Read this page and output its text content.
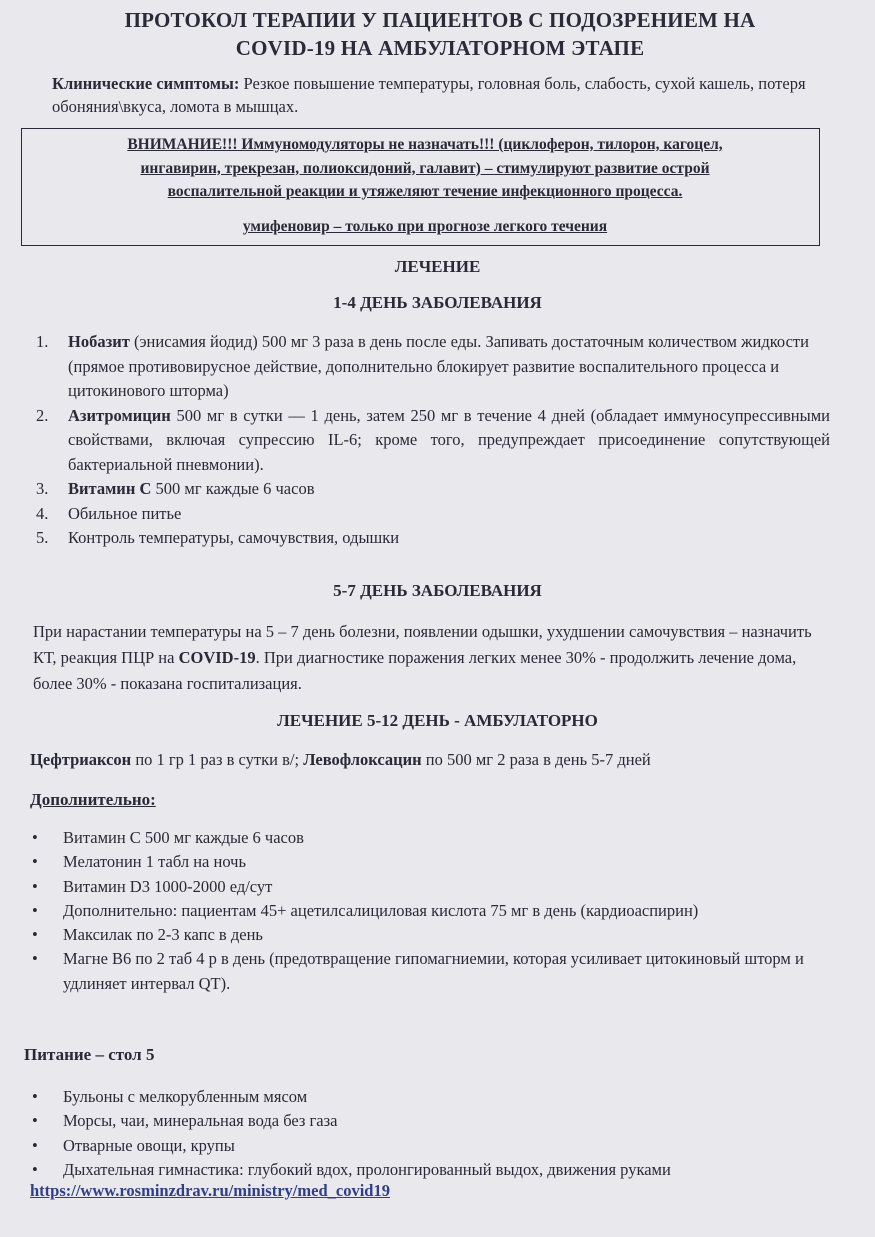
ПРОТОКОЛ ТЕРАПИИ У ПАЦИЕНТОВ С ПОДОЗРЕНИЕМ НА
COVID-19 НА АМБУЛАТОРНОМ ЭТАПЕ
Клинические симптомы: Резкое повышение температуры, головная боль, слабость, сухой кашель, потеря обоняния\вкуса, ломота в мышцах.
ВНИМАНИЕ!!! Иммуномодуляторы не назначать!!! (циклоферон, тилорон, кагоцел,
ингавирин, трекрезан, полиоксидоний, галавит) – стимулируют развитие острой
воспалительной реакции и утяжеляют течение инфекционного процесса.
умифеновир – только при прогнозе легкого течения
ЛЕЧЕНИЕ
1-4 ДЕНЬ ЗАБОЛЕВАНИЯ
1. Нобазит (энисамия йодид) 500 мг 3 раза в день после еды. Запивать достаточным количеством жидкости (прямое противовирусное действие, дополнительно блокирует развитие воспалительного процесса и цитокинового шторма)
2. Азитромицин 500 мг в сутки — 1 день, затем 250 мг в течение 4 дней (обладает иммуносупрессивными свойствами, включая супрессию IL-6; кроме того, предупреждает присоединение сопутствующей бактериальной пневмонии).
3. Витамин С 500 мг каждые 6 часов
4. Обильное питье
5. Контроль температуры, самочувствия, одышки
5-7 ДЕНЬ ЗАБОЛЕВАНИЯ
При нарастании температуры на 5 – 7 день болезни, появлении одышки, ухудшении самочувствия – назначить КТ, реакция ПЦР на COVID-19. При диагностике поражения легких менее 30% - продолжить лечение дома, более 30% - показана госпитализация.
ЛЕЧЕНИЕ 5-12 ДЕНЬ - АМБУЛАТОРНО
Цефтриаксон по 1 гр 1 раз в сутки в/; Левофлоксацин по 500 мг 2 раза в день 5-7 дней
Дополнительно:
• Витамин С 500 мг каждые 6 часов
• Мелатонин 1 табл на ночь
• Витамин D3 1000-2000 ед/сут
• Дополнительно: пациентам 45+ ацетилсалициловая кислота 75 мг в день (кардиоаспирин)
• Максилак по 2-3 капс в день
• Магне В6 по 2 таб 4 р в день (предотвращение гипомагниемии, которая усиливает цитокиновый шторм и удлиняет интервал QT).
Питание – стол 5
• Бульоны с мелкорубленным мясом
• Морсы, чаи, минеральная вода без газа
• Отварные овощи, крупы
• Дыхательная гимнастика: глубокий вдох, пролонгированный выдох, движения руками
https://www.rosminzdrav.ru/ministry/med_covid19
